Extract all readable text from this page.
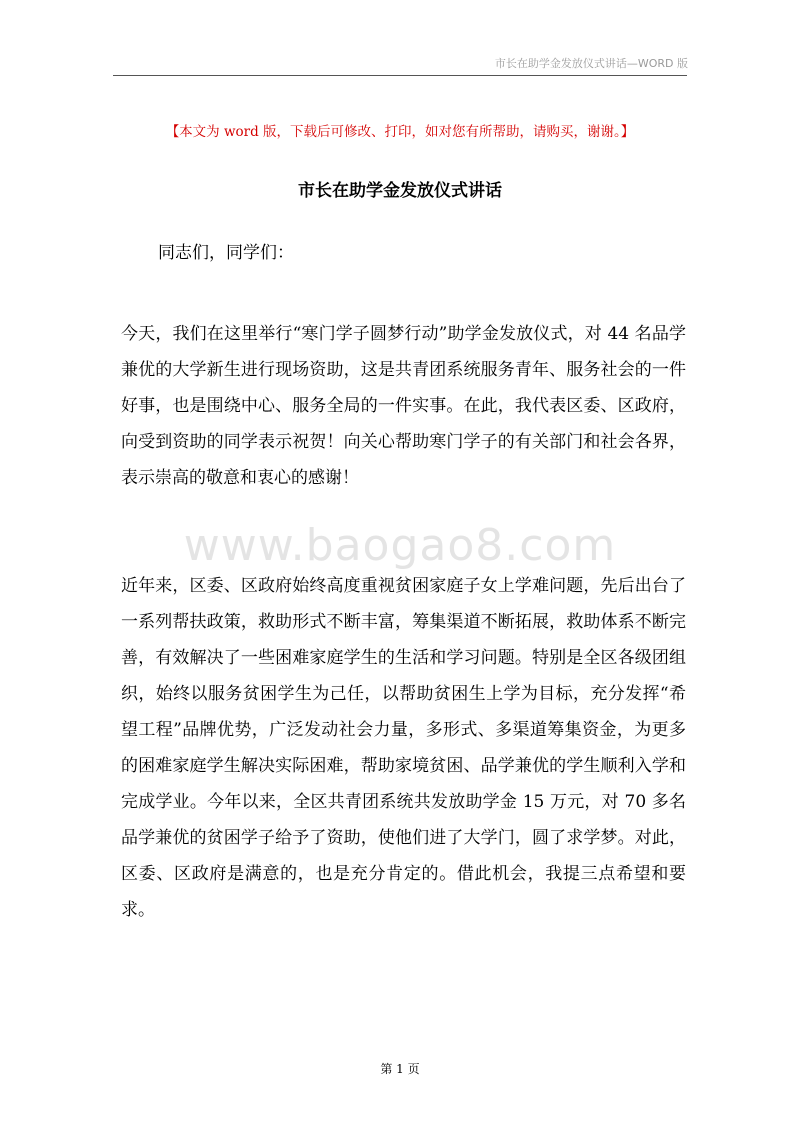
市长在助学金发放仪式讲话—WORD 版
【本文为 word 版，下载后可修改、打印，如对您有所帮助，请购买，谢谢。】
市长在助学金发放仪式讲话
同志们，同学们：

今天，我们在这里举行“寒门学子圆梦行动”助学金发放仪式，对 44 名品学兼优的大学新生进行现场资助，这是共青团系统服务青年、服务社会的一件好事，也是围绕中心、服务全局的一件实事。在此，我代表区委、区政府，向受到资助的同学表示祝贺！向关心帮助寒门学子的有关部门和社会各界，表示崇高的敬意和衷心的感谢！

www.baogao8.com

近年来，区委、区政府始终高度重视贫困家庭子女上学难问题，先后出台了一系列帮扶政策，救助形式不断丰富，筹集渠道不断拓展，救助体系不断完善，有效解决了一些困难家庭学生的生活和学习问题。特别是全区各级团组织，始终以服务贫困学生为己任，以帮助贫困生上学为目标，充分发挥“希望工程”品牌优势，广泛发动社会力量，多形式、多渠道筹集资金，为更多的困难家庭学生解决实际困难，帮助家境贫困、品学兼优的学生顺利入学和完成学业。今年以来，全区共青团系统共发放助学金 15 万元，对 70 多名品学兼优的贫困学子给予了资助，使他们进了大学门，圆了求学梦。对此，区委、区政府是满意的，也是充分肯定的。借此机会，我提三点希望和要求。

第 1 页
